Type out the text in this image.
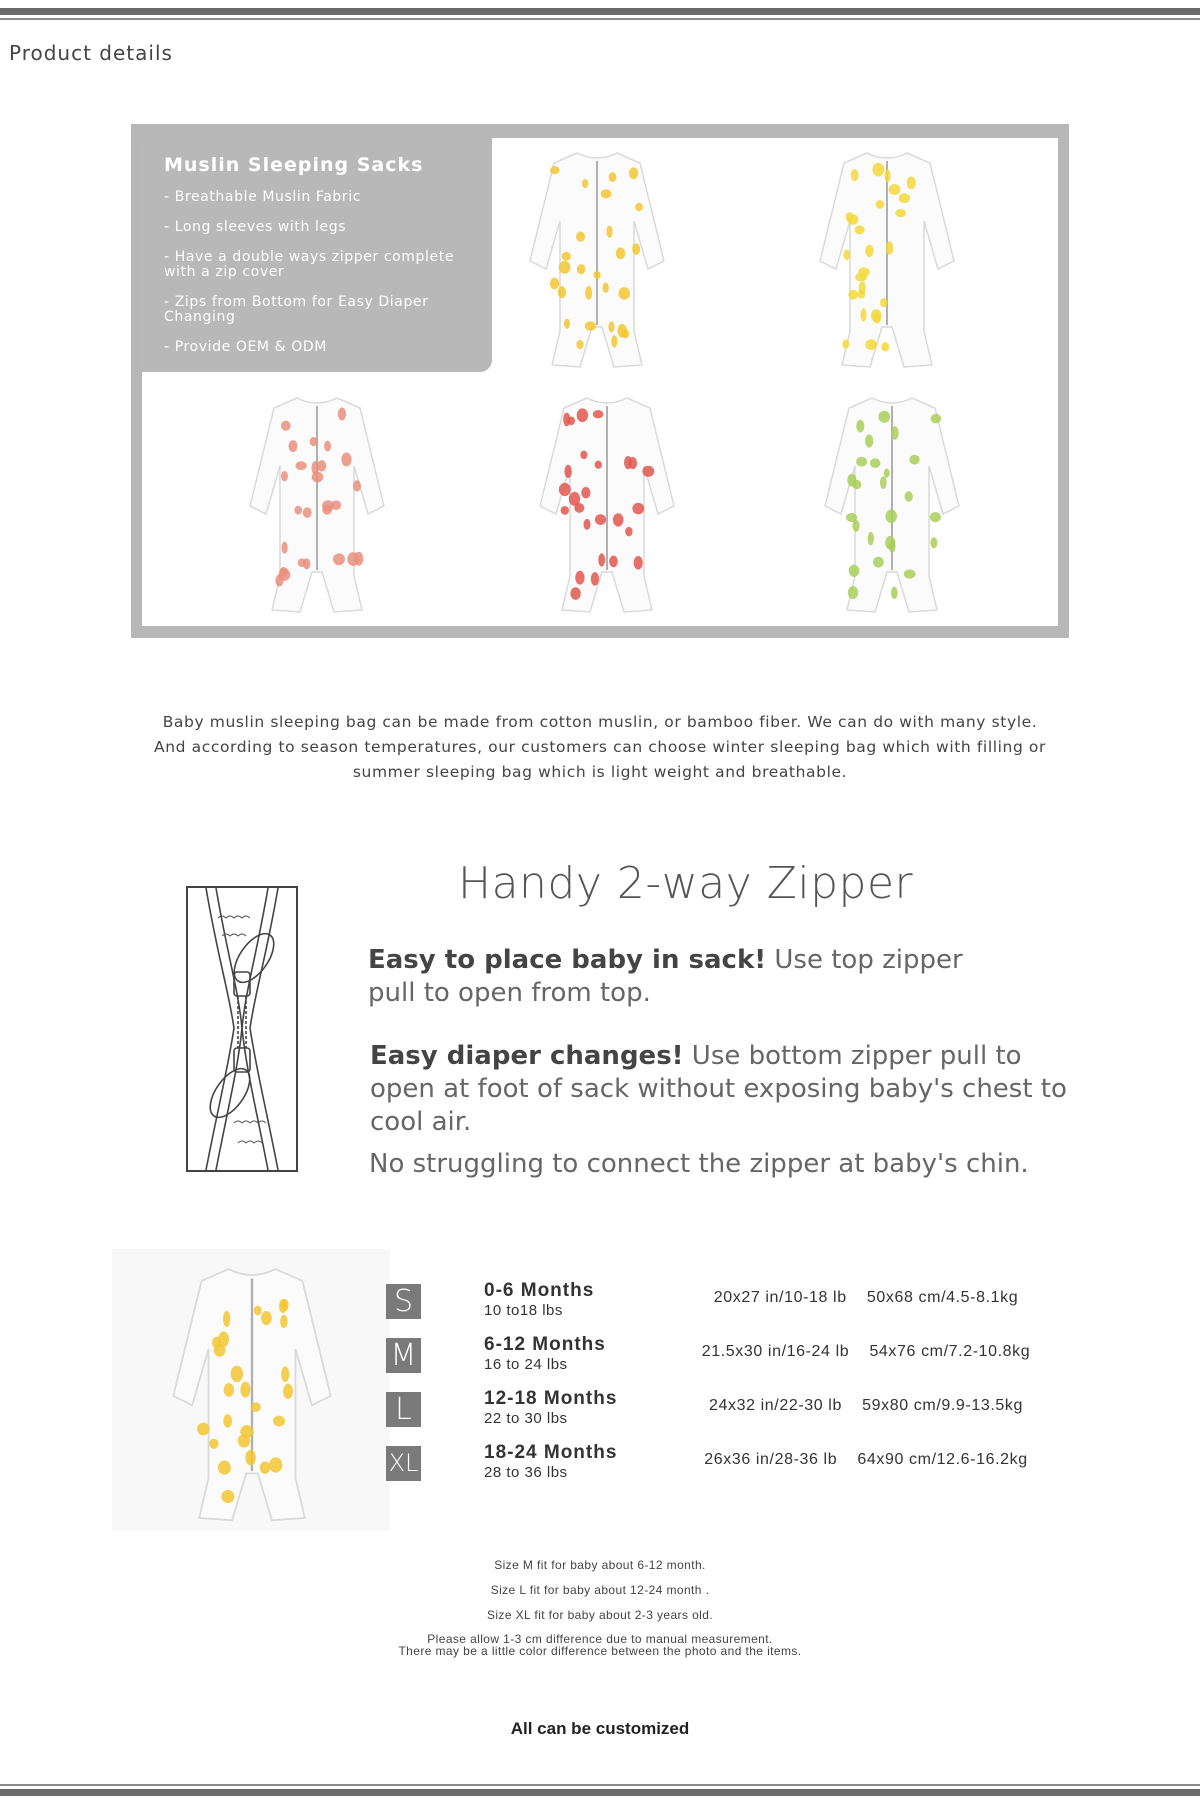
Product details
Muslin Sleeping Sacks
- Breathable Muslin Fabric
- Long sleeves with legs
- Have a double ways zipper complete with a zip cover
- Zips from Bottom for Easy Diaper Changing
- Provide OEM & ODM
Baby muslin sleeping bag can be made from cotton muslin, or bamboo fiber. We can do with many style. And according to season temperatures, our customers can choose winter sleeping bag which with filling or summer sleeping bag which is light weight and breathable.
Handy 2-way Zipper
Easy to place baby in sack! Use top zipper pull to open from top.
Easy diaper changes! Use bottom zipper pull to open at foot of sack without exposing baby's chest to cool air.
No struggling to connect the zipper at baby's chin.
S	0-6 Months
10 to18 lbs
20x27 in/10-18 lb 50x68 cm/4.5-8.1kg
M	6-12 Months
16 to 24 lbs
21.5x30 in/16-24 lb 54x76 cm/7.2-10.8kg
L	12-18 Months
22 to 30 lbs
24x32 in/22-30 lb 59x80 cm/9.9-13.5kg
XL	18-24 Months
28 to 36 lbs
26x36 in/28-36 lb 64x90 cm/12.6-16.2kg
Size M fit for baby about 6-12 month.
Size L fit for baby about 12-24 month .
Size XL fit for baby about 2-3 years old.
Please allow 1-3 cm difference due to manual measurement.
There may be a little color difference between the photo and the items.
All can be customized
